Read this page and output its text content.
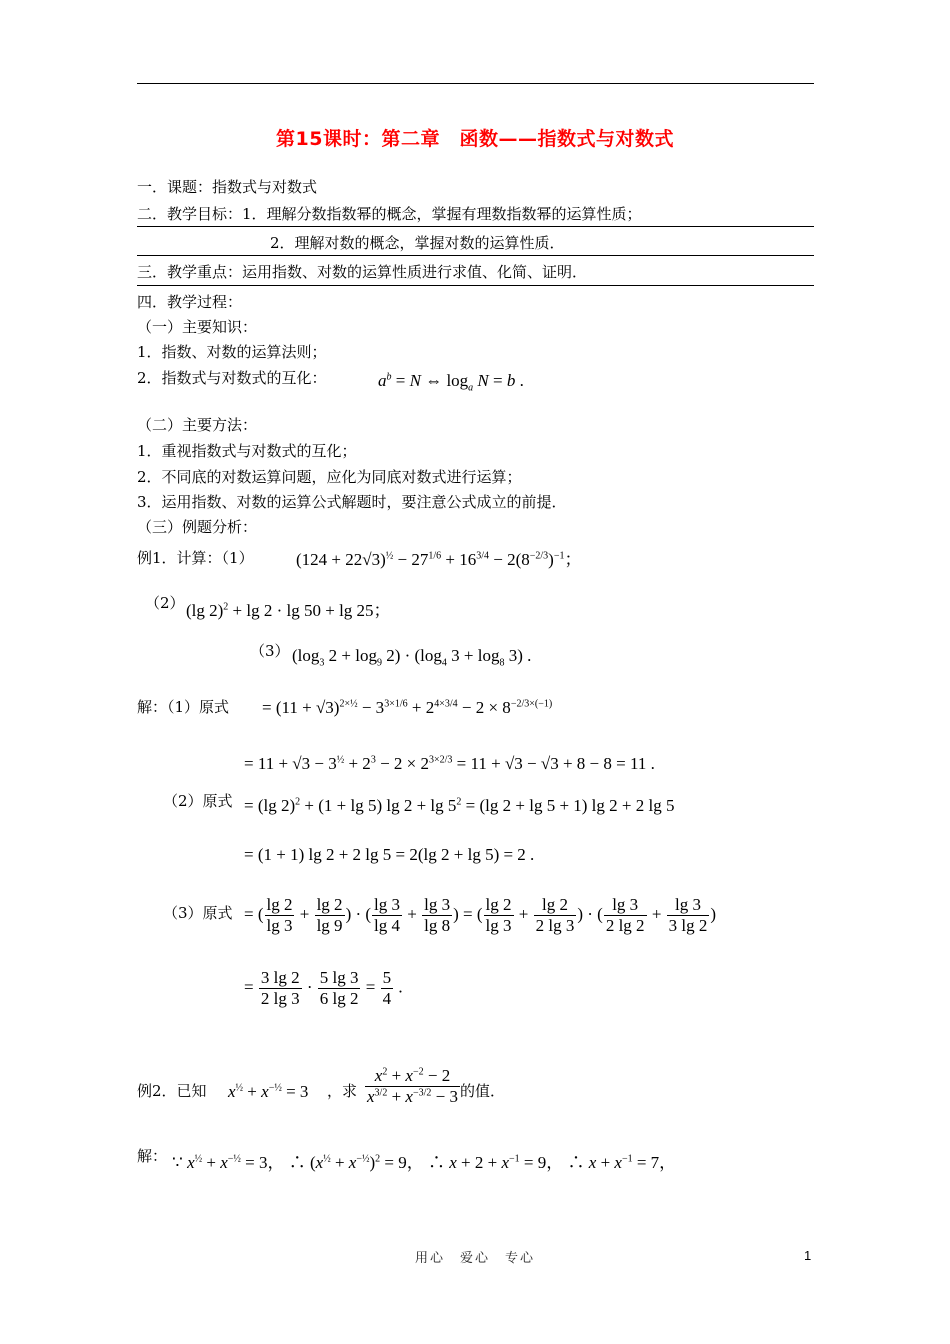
第15课时：第二章　函数——指数式与对数式
一．课题：指数式与对数式
二．教学目标：1．理解分数指数幂的概念，掌握有理数指数幂的运算性质；
2．理解对数的概念，掌握对数的运算性质．
三．教学重点：运用指数、对数的运算性质进行求值、化简、证明．
四．教学过程：
（一）主要知识：
1．指数、对数的运算法则；
2．指数式与对数式的互化：	$a^b = N$ ⇔ $\log_a N = b$ .
（二）主要方法：
1．重视指数式与对数式的互化；
2．不同底的对数运算问题，应化为同底对数式进行运算；
3．运用指数、对数的运算公式解题时，要注意公式成立的前提．
（三）例题分析：
例1．计算：（1） $(124 + 22√3)^{\frac{1}{2}} - 27^{1/6} + 16^{3/4} - 2(8^{-2/3})^{-1}$；
（2） (lg 2)$^2$ + lg 2 · lg 50 + lg 25；
（3） ($\log_3$ $2 + \log_9 2) \cdot (\log_4$ $3 + \log_8 3$) .
解：（1）原式 = $(11 + √3)^{2\times\frac{1}{2}} - 3^{3\times 1/6} + 2^{4\times 3/4} - 2 \times 8^{-2/3\times(-1)}$
= $11 + √3 - 3^{\frac{1}{2}} + 2^3 - 2 \times 2^{3\times 2/3} = 11 + √3 - √3 + 8 - 8 = 11$ .
（2）原式 = (lg 2)$^2$ + (1 + lg 5) $\lg 2 + \lg 5^2 = (\lg$ 2 + lg 5 + 1) lg 2 + 2 lg 5
= (1 + 1) lg 2 + 2 lg 5 = 2(lg 2 + lg 5) = 2 .
（3）原式 = ( $\frac{\lg 2}{\lg 3} + \frac{\lg 2}{\lg 9}$ ) · ( $\frac{\lg 3}{\lg 4} + \frac{\lg 3}{\lg 8}$ ) = ( $\frac{\lg 2}{\lg 3} + \frac{\lg 2}{2 \lg 3}$ ) · ( $\frac{\lg 3}{2 \lg 2} + \frac{\lg 3}{3 \lg 2}$ )
= $\frac{3 \lg 2}{2 \lg 3} \cdot \frac{5 \lg 3}{6 \lg 2} = \frac{5}{4}$ .
例2．已知 $x^{\frac{1}{2}} + x^{-\frac{1}{2}} = 3$ ，求 $\frac{x^2 + x^{-2} - 2}{x^{3/2} + x^{-3/2} - 3}$ 的值．
解： ∵ $x^{\frac{1}{2}} + x^{-\frac{1}{2}} = 3$， ∴ $(x^{\frac{1}{2}} + x^{-\frac{1}{2}})^2 = 9$， ∴ $x + 2 + x^{-1} = 9$， ∴ $x + x^{-1} = 7$，
用心　爱心　专心	1
